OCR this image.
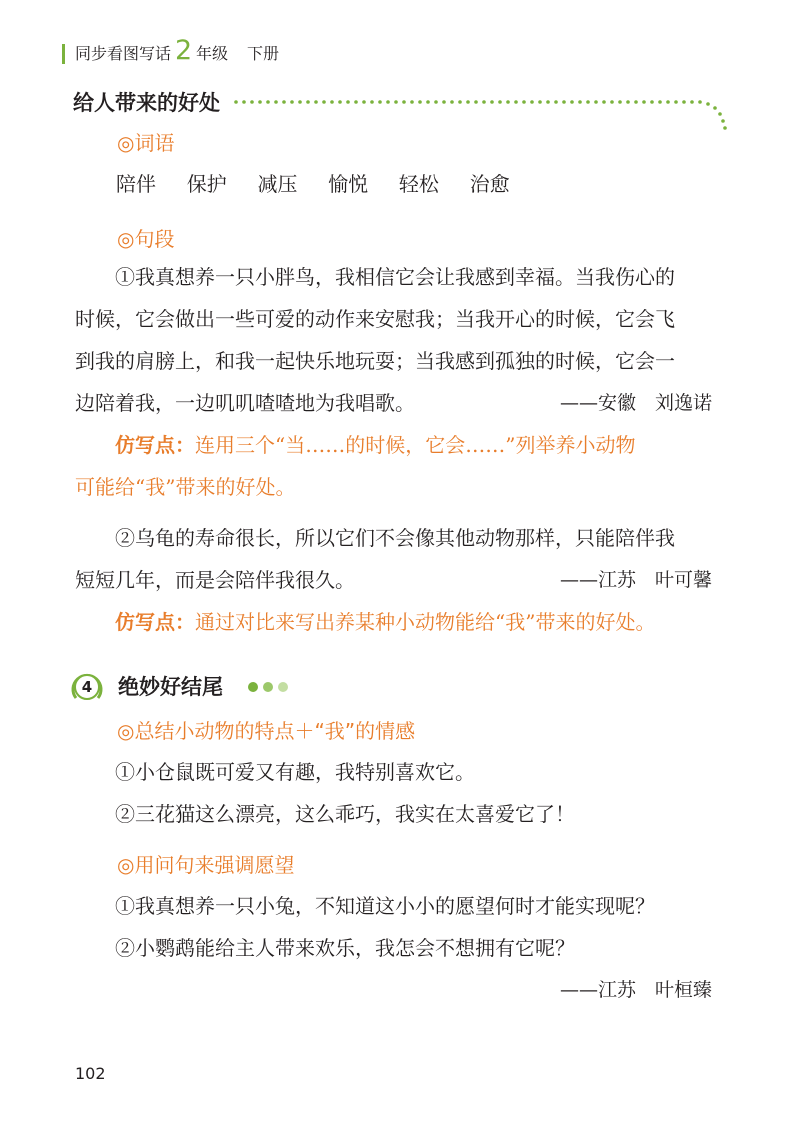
同步看图写话 2 年级 下册
给人带来的好处
◎词语
陪伴 保护 减压 愉悦 轻松 治愈
◎句段
①我真想养一只小胖鸟，我相信它会让我感到幸福。当我伤心的
时候，它会做出一些可爱的动作来安慰我；当我开心的时候，它会飞
到我的肩膀上，和我一起快乐地玩耍；当我感到孤独的时候，它会一
边陪着我，一边叽叽喳喳地为我唱歌。	——安徽　刘逸诺
仿写点：连用三个“当……的时候，它会……”列举养小动物
可能给“我”带来的好处。
②乌龟的寿命很长，所以它们不会像其他动物那样，只能陪伴我
短短几年，而是会陪伴我很久。	——江苏　叶可馨
仿写点：通过对比来写出养某种小动物能给“我”带来的好处。
4	绝妙好结尾
◎总结小动物的特点＋“我”的情感
①小仓鼠既可爱又有趣，我特别喜欢它。
②三花猫这么漂亮，这么乖巧，我实在太喜爱它了！
◎用问句来强调愿望
①我真想养一只小兔，不知道这小小的愿望何时才能实现呢？
②小鹦鹉能给主人带来欢乐，我怎会不想拥有它呢？
——江苏　叶桓臻
102
